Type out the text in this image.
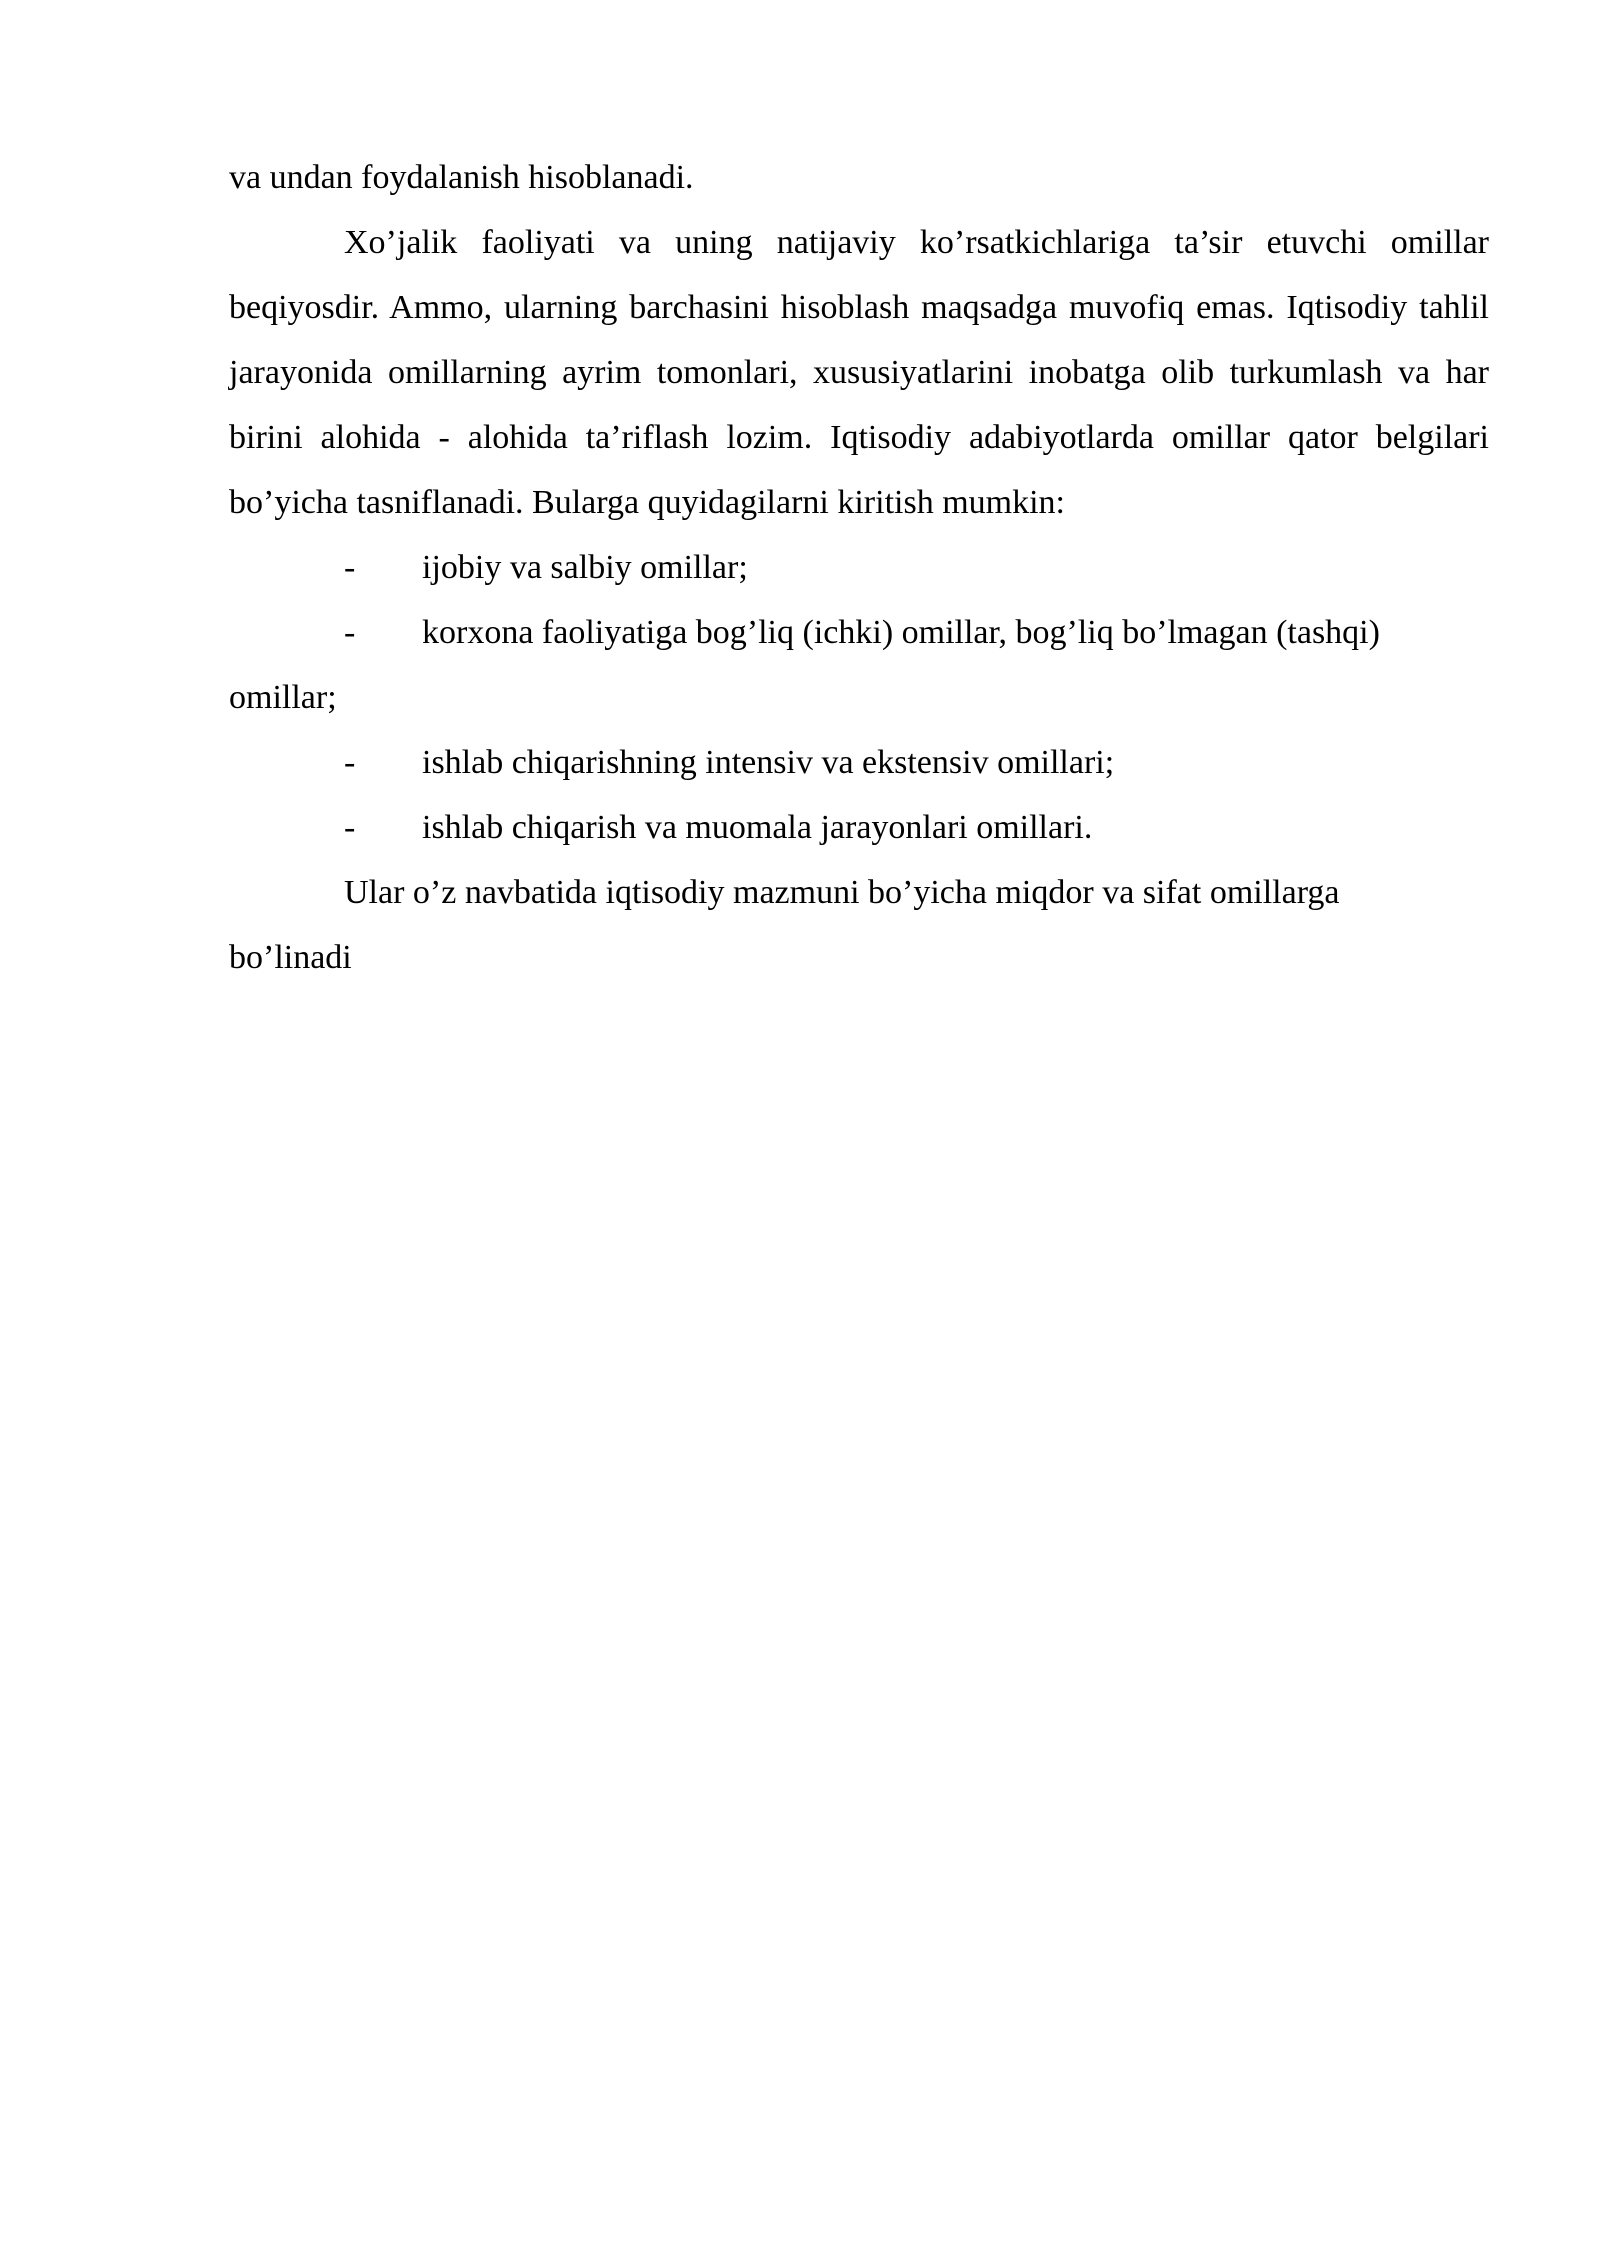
va undan foydalanish hisoblanadi.

Xo’jalik faoliyati va uning natijaviy ko’rsatkichlariga ta’sir etuvchi omillar beqiyosdir. Ammo, ularning barchasini hisoblash maqsadga muvofiq emas. Iqtisodiy tahlil jarayonida omillarning ayrim tomonlari, xususiyatlarini inobatga olib turkumlash va har birini alohida - alohida ta’riflash lozim. Iqtisodiy adabiyotlarda omillar qator belgilari bo’yicha tasniflanadi. Bularga quyidagilarni kiritish mumkin:

-	ijobiy va salbiy omillar;

- korxona faoliyatiga bog’liq (ichki) omillar, bog’liq bo’lmagan (tashqi) omillar;

-	ishlab chiqarishning intensiv va ekstensiv omillari;
-	ishlab chiqarish va muomala jarayonlari omillari.

Ular o’z navbatida iqtisodiy mazmuni bo’yicha miqdor va sifat omillarga bo’linadi
